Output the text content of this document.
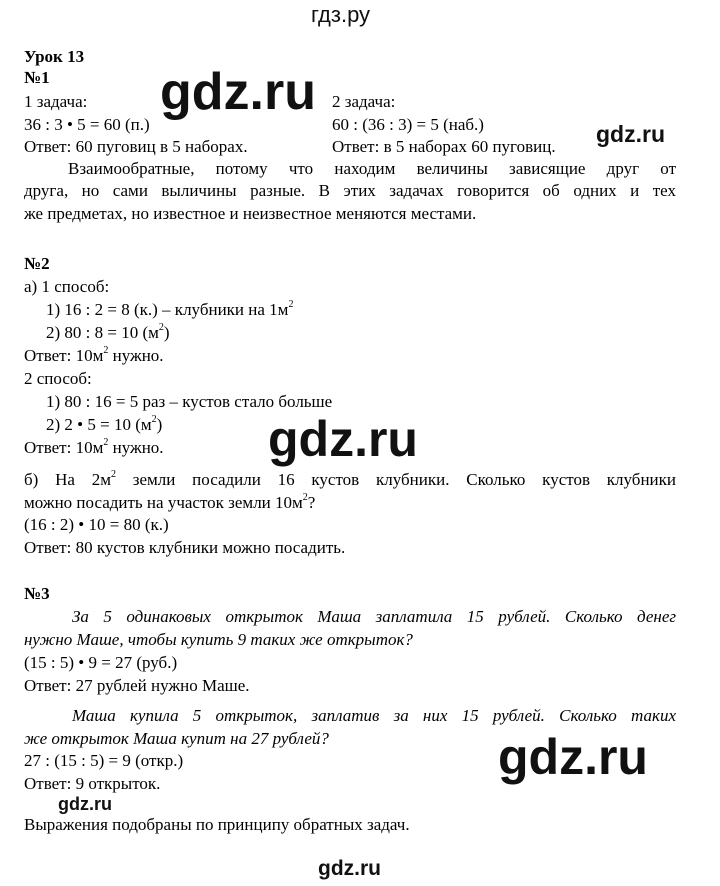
гдз.ру
Урок 13
№1
1 задача:
36 : 3 • 5 = 60 (п.)
Ответ: 60 пуговиц в 5 наборах.
2 задача:
60 : (36 : 3) = 5 (наб.)
Ответ: в 5 наборах 60 пуговиц.
gdz.ru
gdz.ru
Взаимообратные, потому что находим величины зависящие друг от
друга, но сами выличины разные. В этих задачах говорится об одних и тех
же предметах, но известное и неизвестное меняются местами.
№2
а) 1 способ:
1) 16 : 2 = 8 (к.) – клубники на $1м^2$
2) 80 : 8 = 10 $(м^2)$
Ответ: $10м^2$ нужно.
2 способ:
1) 80 : 16 = 5 раз – кустов стало больше
2) 2 • 5 = 10 $(м^2)$
Ответ: $10м^2$ нужно. gdz.ru
б) На $2м^2$ земли посадили 16 кустов клубники. Сколько кустов клубники
можно посадить на участок земли $10м^2$?
(16 : 2) • 10 = 80 (к.)
Ответ: 80 кустов клубники можно посадить.
№3
За 5 одинаковых открыток Маша заплатила 15 рублей. Сколько денег
нужно Маше, чтобы купить 9 таких же открыток?
(15 : 5) • 9 = 27 (руб.)
Ответ: 27 рублей нужно Маше.
Маша купила 5 открыток, заплатив за них 15 рублей. Сколько таких
же открыток Маша купит на 27 рублей?
27 : (15 : 5) = 9 (откр.)
Ответ: 9 открыток.	gdz.ru
gdz.ru
Выражения подобраны по принципу обратных задач.
gdz.ru
